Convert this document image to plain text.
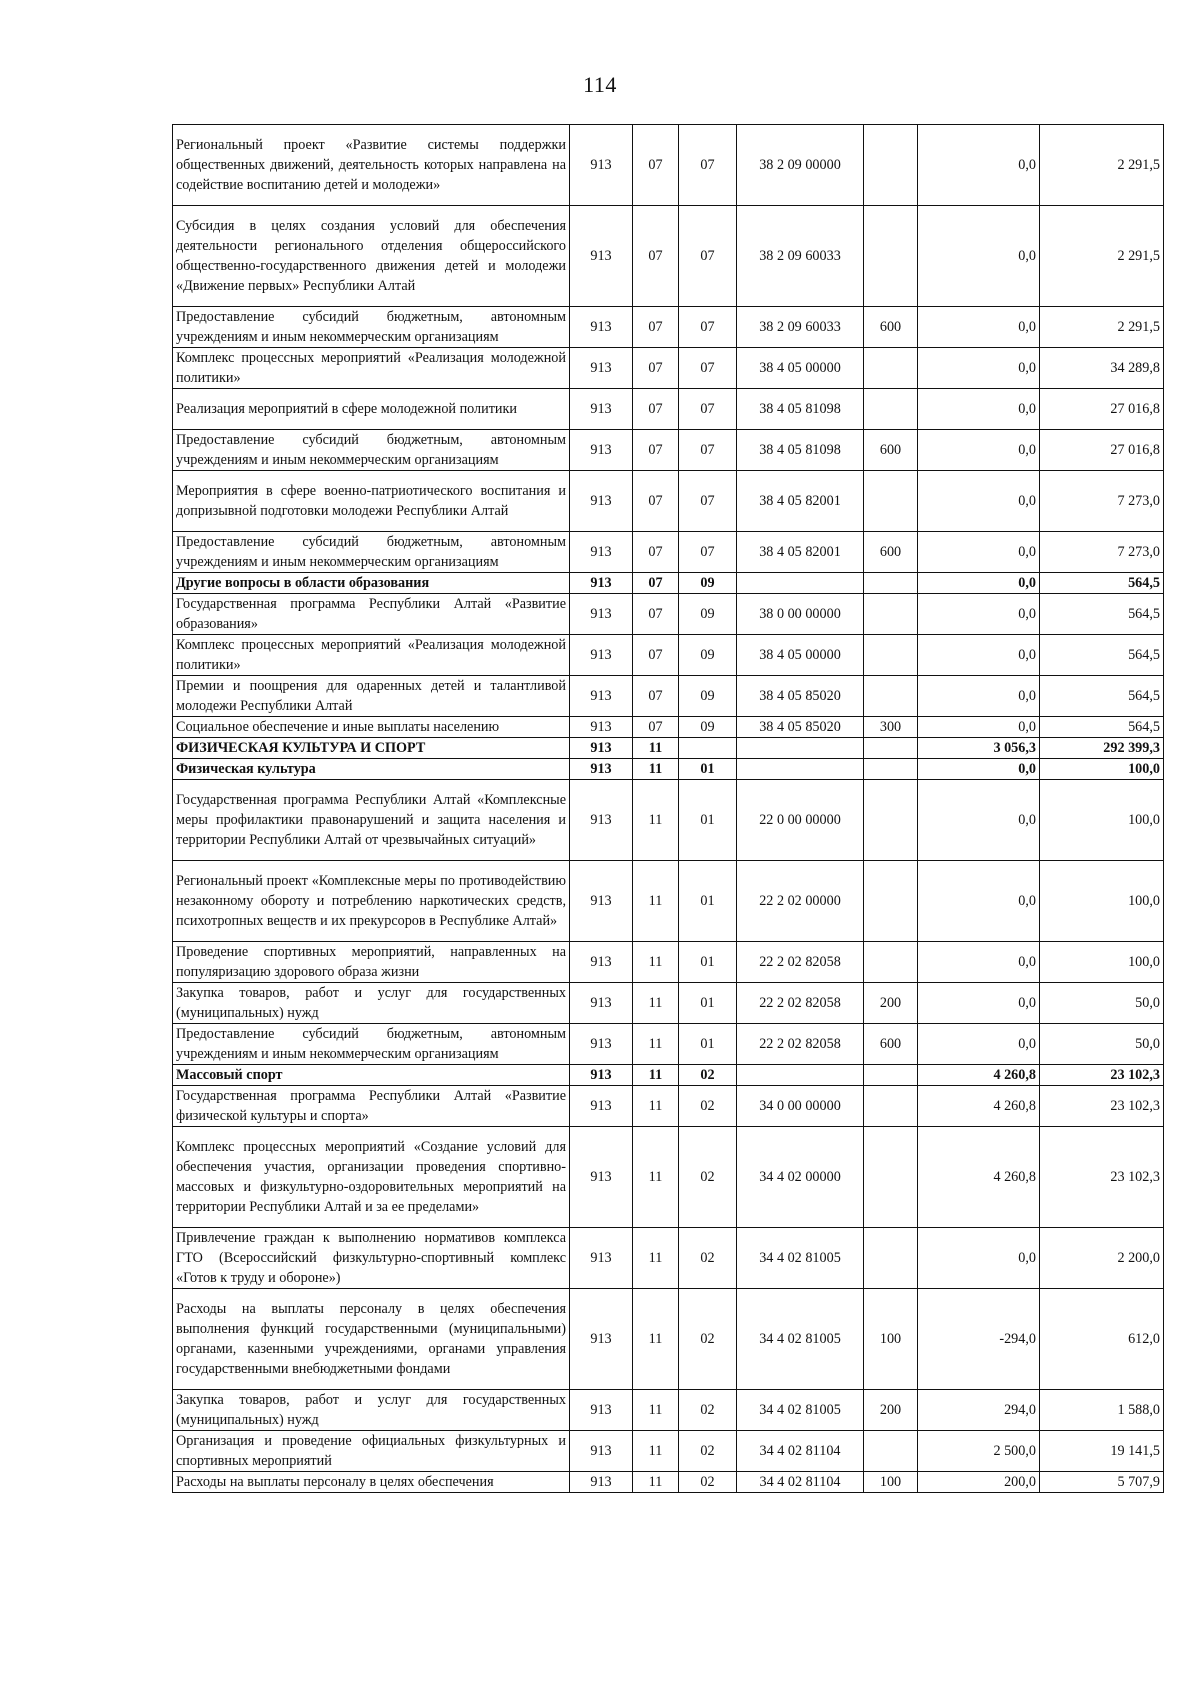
114
Региональный проект «Развитие системы поддержки общественных движений, деятельность которых направлена на содействие воспитанию детей и молодежи»	913	07	07	38 2 09 00000		0,0	2 291,5
Субсидия в целях создания условий для обеспечения деятельности регионального отделения общероссийского общественно-государственного движения детей и молодежи «Движение первых» Республики Алтай	913	07	07	38 2 09 60033		0,0	2 291,5
Предоставление субсидий бюджетным, автономным учреждениям и иным некоммерческим организациям	913	07	07	38 2 09 60033	600	0,0	2 291,5
Комплекс процессных мероприятий «Реализация молодежной политики»	913	07	07	38 4 05 00000		0,0	34 289,8
Реализация мероприятий в сфере молодежной политики	913	07	07	38 4 05 81098		0,0	27 016,8
Предоставление субсидий бюджетным, автономным учреждениям и иным некоммерческим организациям	913	07	07	38 4 05 81098	600	0,0	27 016,8
Мероприятия в сфере военно-патриотического воспитания и допризывной подготовки молодежи Республики Алтай	913	07	07	38 4 05 82001		0,0	7 273,0
Предоставление субсидий бюджетным, автономным учреждениям и иным некоммерческим организациям	913	07	07	38 4 05 82001	600	0,0	7 273,0
Другие вопросы в области образования	913	07	09			0,0	564,5
Государственная программа Республики Алтай «Развитие образования»	913	07	09	38 0 00 00000		0,0	564,5
Комплекс процессных мероприятий «Реализация молодежной политики»	913	07	09	38 4 05 00000		0,0	564,5
Премии и поощрения для одаренных детей и талантливой молодежи Республики Алтай	913	07	09	38 4 05 85020		0,0	564,5
Социальное обеспечение и иные выплаты населению	913	07	09	38 4 05 85020	300	0,0	564,5
ФИЗИЧЕСКАЯ КУЛЬТУРА И СПОРТ	913	11				3 056,3	292 399,3
Физическая культура	913	11	01			0,0	100,0
Государственная программа Республики Алтай «Комплексные меры профилактики правонарушений и защита населения и территории Республики Алтай от чрезвычайных ситуаций»	913	11	01	22 0 00 00000		0,0	100,0
Региональный проект «Комплексные меры по противодействию незаконному обороту и потреблению наркотических средств, психотропных веществ и их прекурсоров в Республике Алтай»	913	11	01	22 2 02 00000		0,0	100,0
Проведение спортивных мероприятий, направленных на популяризацию здорового образа жизни	913	11	01	22 2 02 82058		0,0	100,0
Закупка товаров, работ и услуг для государственных (муниципальных) нужд	913	11	01	22 2 02 82058	200	0,0	50,0
Предоставление субсидий бюджетным, автономным учреждениям и иным некоммерческим организациям	913	11	01	22 2 02 82058	600	0,0	50,0
Массовый спорт	913	11	02			4 260,8	23 102,3
Государственная программа Республики Алтай «Развитие физической культуры и спорта»	913	11	02	34 0 00 00000		4 260,8	23 102,3
Комплекс процессных мероприятий «Создание условий для обеспечения участия, организации проведения спортивно-массовых и физкультурно-оздоровительных мероприятий на территории Республики Алтай и за ее пределами»	913	11	02	34 4 02 00000		4 260,8	23 102,3
Привлечение граждан к выполнению нормативов комплекса ГТО (Всероссийский физкультурно-спортивный комплекс «Готов к труду и обороне»)	913	11	02	34 4 02 81005		0,0	2 200,0
Расходы на выплаты персоналу в целях обеспечения выполнения функций государственными (муниципальными) органами, казенными учреждениями, органами управления государственными внебюджетными фондами	913	11	02	34 4 02 81005	100	-294,0	612,0
Закупка товаров, работ и услуг для государственных (муниципальных) нужд	913	11	02	34 4 02 81005	200	294,0	1 588,0
Организация и проведение официальных физкультурных и спортивных мероприятий	913	11	02	34 4 02 81104		2 500,0	19 141,5
Расходы на выплаты персоналу в целях обеспечения	913	11	02	34 4 02 81104	100	200,0	5 707,9
